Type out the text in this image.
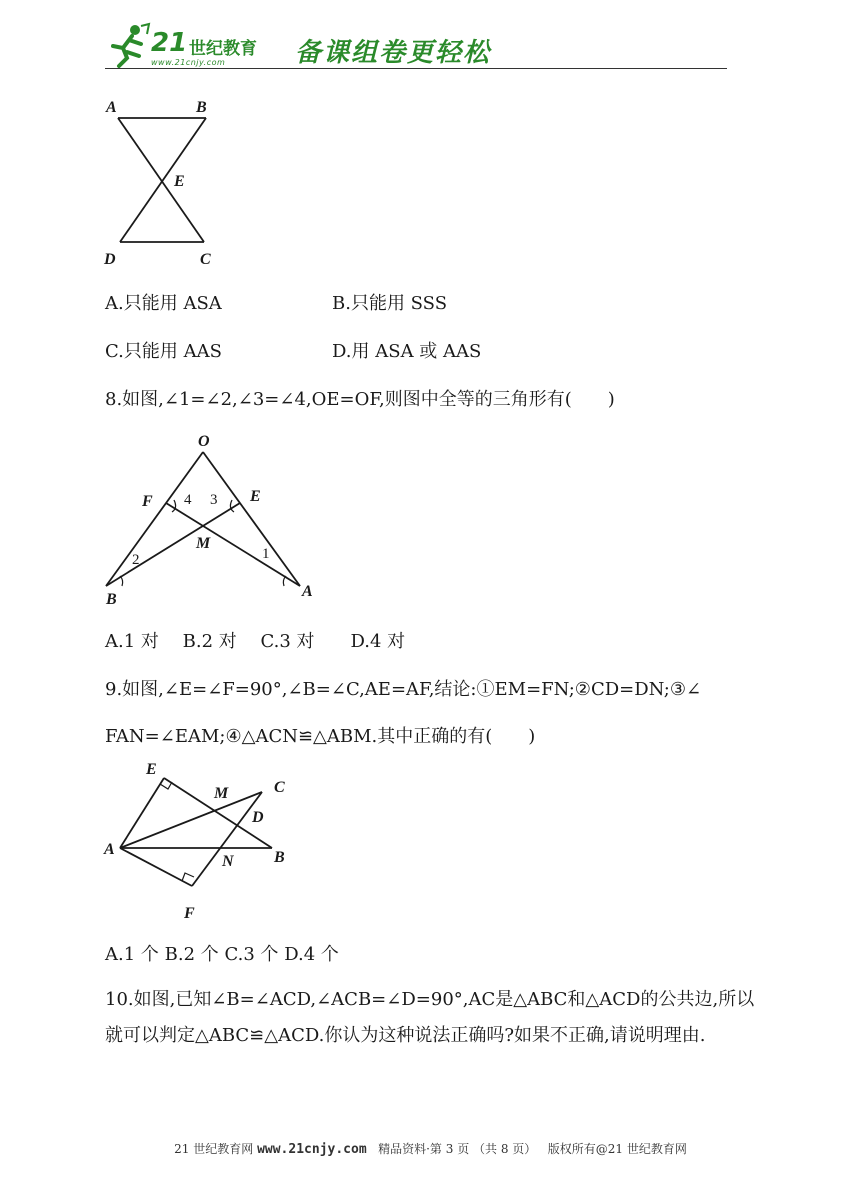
21 世纪教育
www.21cnjy.com	备课组卷更轻松
A	B
E
D	C
A.只能用 ASA	B.只能用 SSS
C.只能用 AAS	D.用 ASA 或 AAS
8.如图,∠1=∠2,∠3=∠4,OE=OF,则图中全等的三角形有(　　)
O
F	E
M
B	A
4 3
2	1
A.1 对　 B.2 对　 C.3 对　　D.4 对
9.如图,∠E=∠F=90°,∠B=∠C,AE=AF,结论:①EM=FN;②CD=DN;③∠
FAN=∠EAM;④△ACN≌△ABM.其中正确的有(　　)
E
M	C
D
A
N	B
F
A.1 个 B.2 个 C.3 个 D.4 个
10.如图,已知∠B=∠ACD,∠ACB=∠D=90°,AC是△ABC和△ACD的公共边,所以就可以判定△ABC≌△ACD.你认为这种说法正确吗?如果不正确,请说明理由.
21 世纪教育网 www.21cnjy.com 精品资料·第 3 页 （共 8 页） 版权所有@21 世纪教育网
